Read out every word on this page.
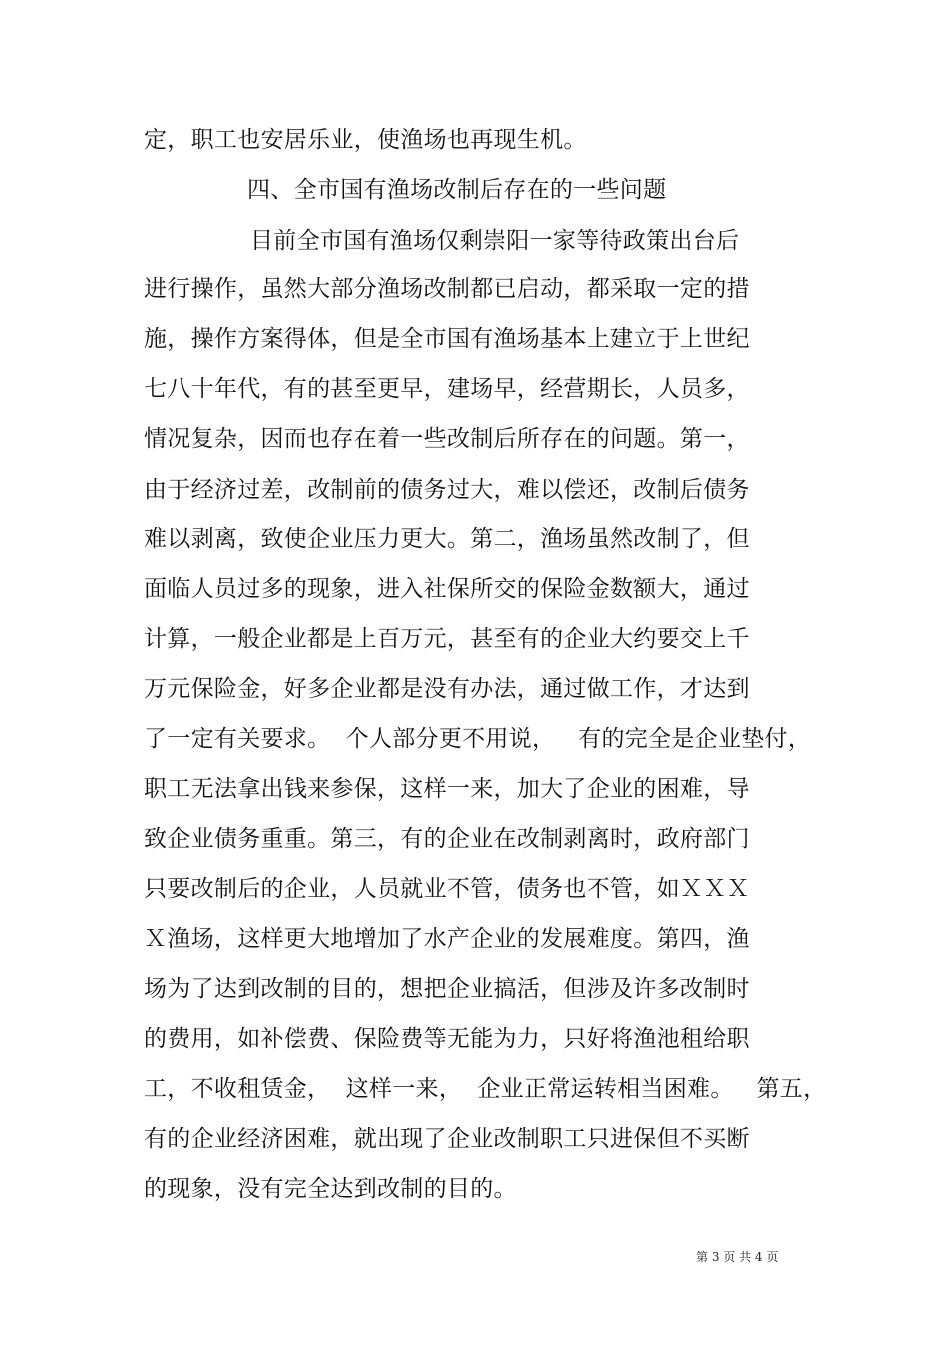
定，职工也安居乐业，使渔场也再现生机。
四、全市国有渔场改制后存在的一些问题
目前全市国有渔场仅剩崇阳一家等待政策出台后
进行操作，虽然大部分渔场改制都已启动，都采取一定的措
施，操作方案得体，但是全市国有渔场基本上建立于上世纪
七八十年代，有的甚至更早，建场早，经营期长，人员多，
情况复杂，因而也存在着一些改制后所存在的问题。第一，
由于经济过差，改制前的债务过大，难以偿还，改制后债务
难以剥离，致使企业压力更大。第二，渔场虽然改制了，但
面临人员过多的现象，进入社保所交的保险金数额大，通过
计算，一般企业都是上百万元，甚至有的企业大约要交上千
万元保险金，好多企业都是没有办法，通过做工作，才达到
了一定有关要求。  个人部分更不用说，   有的完全是企业垫付，
职工无法拿出钱来参保，这样一来，加大了企业的困难，导
致企业债务重重。第三，有的企业在改制剥离时，政府部门
只要改制后的企业，人员就业不管，债务也不管，如ＸＸＸ
Ｘ渔场，这样更大地增加了水产企业的发展难度。第四，渔
场为了达到改制的目的，想把企业搞活，但涉及许多改制时
的费用，如补偿费、保险费等无能为力，只好将渔池租给职
工，不收租赁金，  这样一来，  企业正常运转相当困难。   第五，
有的企业经济困难，就出现了企业改制职工只进保但不买断
的现象，没有完全达到改制的目的。
第 3 页 共 4 页
